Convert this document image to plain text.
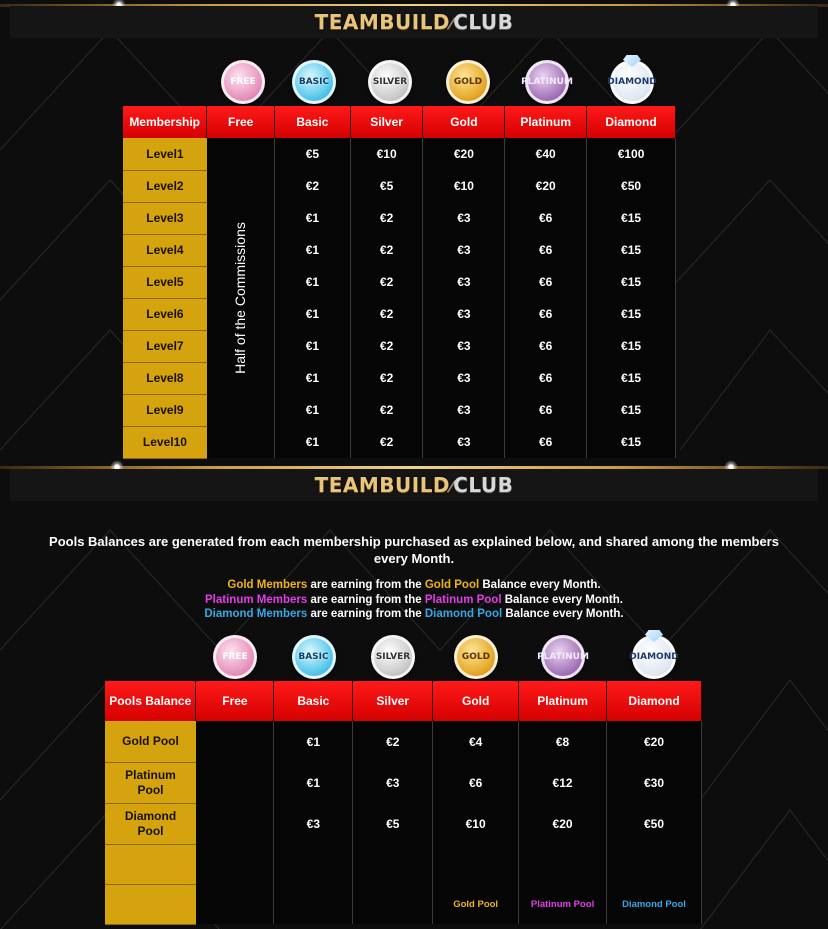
TEAMBUILD⁄CLUB
FREE	BASIC	SILVER	GOLD	PLATINUM	DIAMOND
Membership	Free	Basic	Silver	Gold	Platinum	Diamond
Level1	Half of the Commissions	€5	€10	€20	€40	€100
Level2		€2	€5	€10	€20	€50
Level3		€1	€2	€3	€6	€15
Level4		€1	€2	€3	€6	€15
Level5		€1	€2	€3	€6	€15
Level6		€1	€2	€3	€6	€15
Level7		€1	€2	€3	€6	€15
Level8		€1	€2	€3	€6	€15
Level9		€1	€2	€3	€6	€15
Level10		€1	€2	€3	€6	€15
TEAMBUILD⁄CLUB
Pools Balances are generated from each membership purchased as explained below, and shared among the members every Month.
Gold Members are earning from the Gold Pool Balance every Month.
Platinum Members are earning from the Platinum Pool Balance every Month.
Diamond Members are earning from the Diamond Pool Balance every Month.
FREE	BASIC	SILVER	GOLD	PLATINUM	DIAMOND
Pools Balance	Free	Basic	Silver	Gold	Platinum	Diamond
Gold Pool		€1	€2	€4	€8	€20
Platinum Pool		€1	€3	€6	€12	€30
Diamond Pool		€3	€5	€10	€20	€50

				Gold Pool	Platinum Pool	Diamond Pool
